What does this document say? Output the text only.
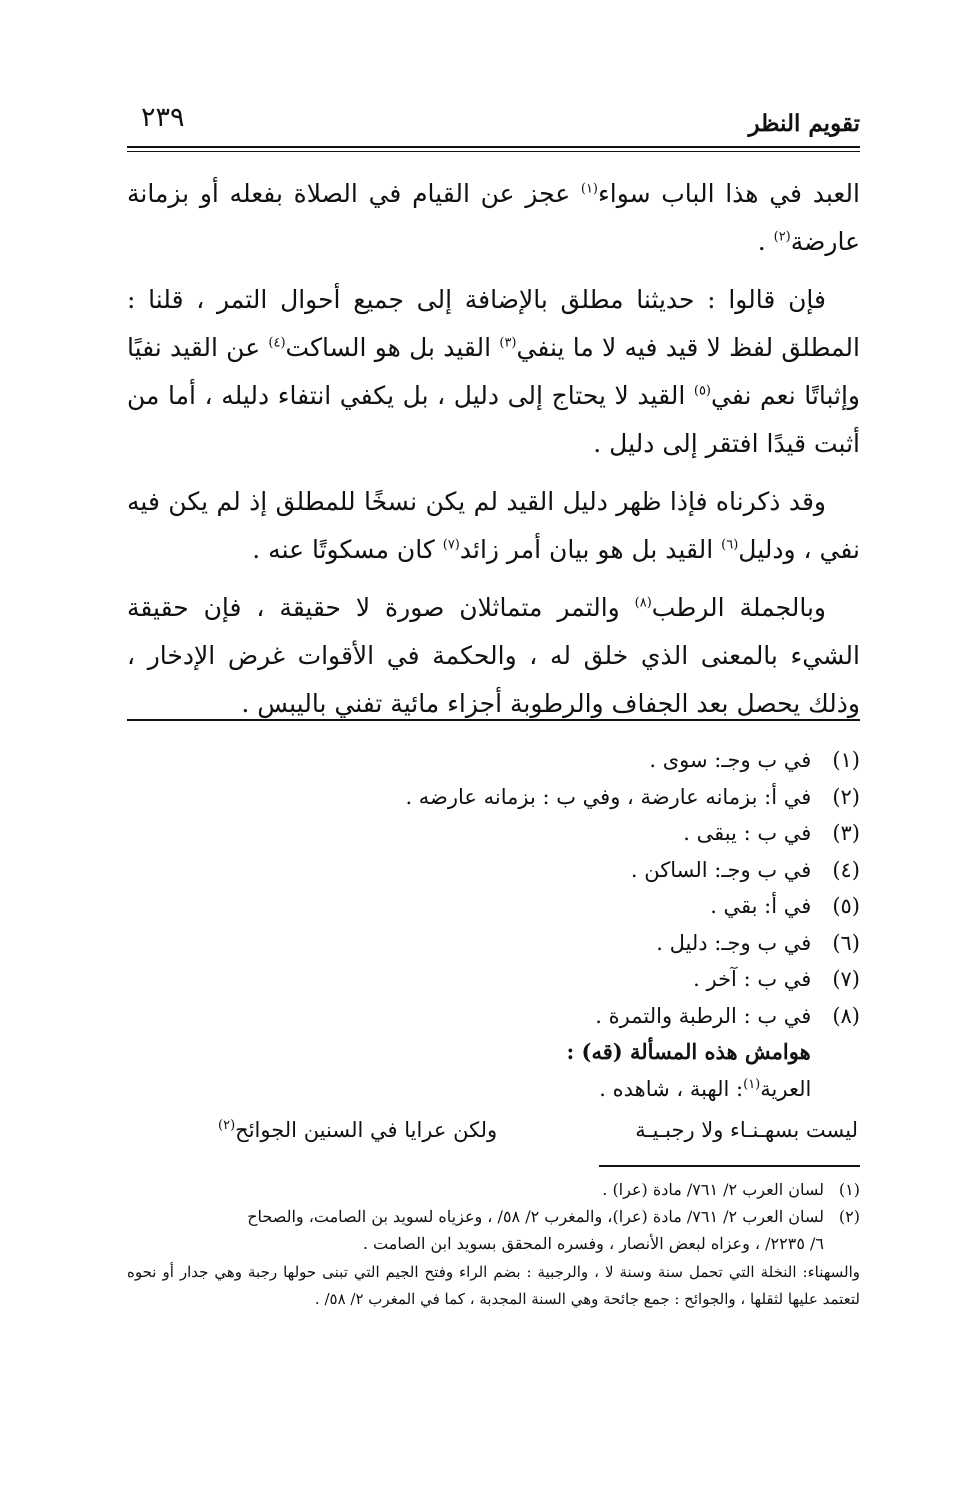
تقويم النظر
٢٣٩

العبد في هذا الباب سواء$^{(١)}$ عجز عن القيام في الصلاة بفعله أو بزمانة عارضة$^{(٢)}$ .

فإن قالوا : حديثنا مطلق بالإضافة إلى جميع أحوال التمر ، قلنا : المطلق لفظ لا قيد فيه لا ما ينفي$^{(٣)}$ القيد بل هو الساكت$^{(٤)}$ عن القيد نفيًا وإثباتًا نعم نفي$^{(٥)}$ القيد لا يحتاج إلى دليل ، بل يكفي انتفاء دليله ، أما من أثبت قيدًا افتقر إلى دليل .

وقد ذكرناه فإذا ظهر دليل القيد لم يكن نسخًا للمطلق إذ لم يكن فيه نفي ، ودليل$^{(٦)}$ القيد بل هو بيان أمر زائد$^{(٧)}$ كان مسكوتًا عنه .

وبالجملة الرطب$^{(٨)}$ والتمر متماثلان صورة لا حقيقة ، فإن حقيقة الشيء بالمعنى الذي خلق له ، والحكمة في الأقوات غرض الإدخار ، وذلك يحصل بعد الجفاف والرطوبة أجزاء مائية تفني باليبس .

(١) في ب وجـ: سوى .
(٢) في أ: بزمانه عارضة ، وفي ب : بزمانه عارضه .
(٣) في ب : يبقى .
(٤) في ب وجـ: الساكن .
(٥) في أ: بقي .
(٦) في ب وجـ: دليل .
(٧) في ب : آخر .
(٨) في ب : الرطبة والتمرة .
هوامش هذه المسألة (قه) :
العرية$^{(١)}$: الهبة ، شاهده .
ليست بسهـنـاء ولا رجبـيـة
ولكن عرايا في السنين الجوائح$^{(٢)}$

(١)لسان العرب ٢/ ٧٦١/ مادة (عرا) .

(٢)لسان العرب ٢/ ٧٦١/ مادة (عرا)، والمغرب ٢/ ٥٨/ ، وعزياه لسويد بن الصامت، والصحاح

٦/ ٢٢٣٥/ ، وعزاه لبعض الأنصار ، وفسره المحقق بسويد ابن الصامت .

والسهناء: النخلة التي تحمل سنة وسنة لا ، والرجبية : بضم الراء وفتح الجيم التي تبنى حولها رجبة وهي جدار أو نحوه لتعتمد عليها لثقلها ، والجوائح : جمع جائحة وهي السنة المجدبة ، كما في المغرب ٢/ ٥٨/ .
